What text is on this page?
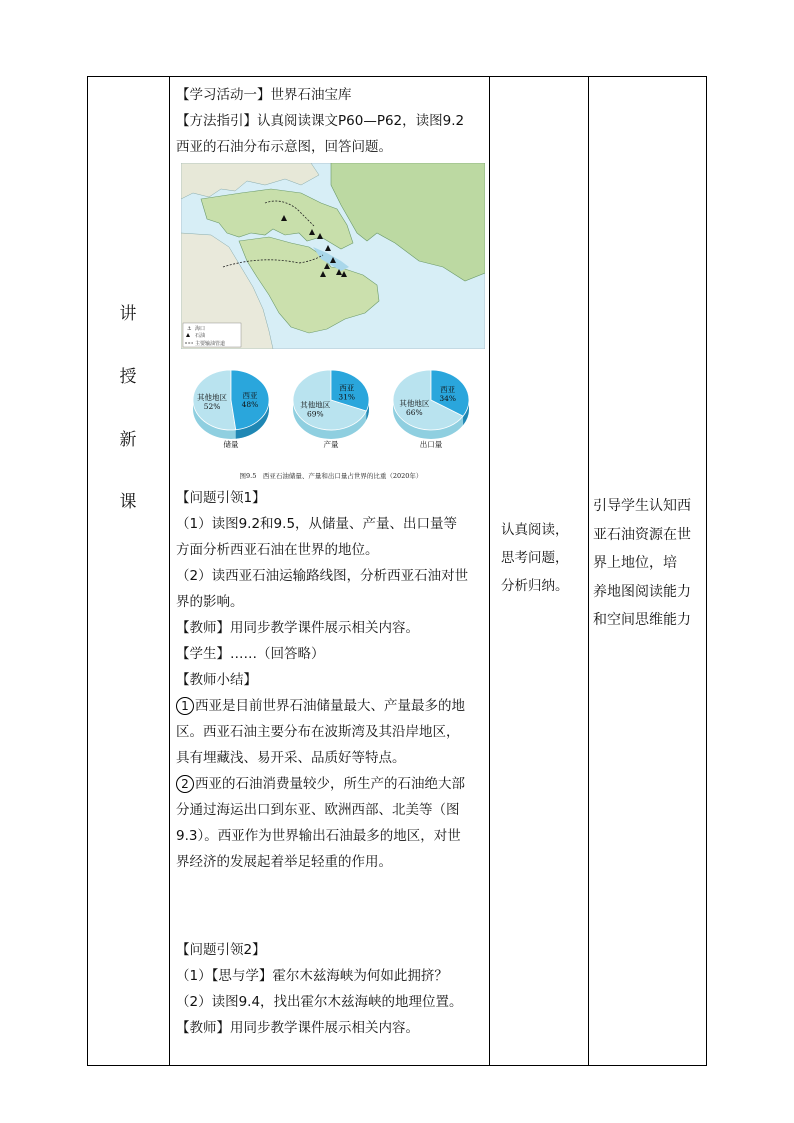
讲
授
新
课

【学习活动一】世界石油宝库

【方法指引】认真阅读课文P60—P62，读图9.2

西亚的石油分布示意图，回答问题。

⚓ 海口
石油
主要输油管道
西亚
48%
其他地区
52%
储量
西亚
31%
其他地区
69%
产量
西亚
34%
其他地区
66%
出口量
图9.5　西亚石油储量、产量和出口量占世界的比重（2020年）

【问题引领1】

（1）读图9.2和9.5，从储量、产量、出口量等

方面分析西亚石油在世界的地位。

（2）读西亚石油运输路线图，分析西亚石油对世

界的影响。

【教师】用同步教学课件展示相关内容。

【学生】……（回答略）

【教师小结】

1 西亚是目前世界石油储量最大、产量最多的地

区。西亚石油主要分布在波斯湾及其沿岸地区，

具有埋藏浅、易开采、品质好等特点。

2 西亚的石油消费量较少，所生产的石油绝大部

分通过海运出口到东亚、欧洲西部、北美等（图

9.3）。西亚作为世界输出石油最多的地区，对世

界经济的发展起着举足轻重的作用。

【问题引领2】

（1）【思与学】霍尔木兹海峡为何如此拥挤？

（2）读图9.4，找出霍尔木兹海峡的地理位置。

【教师】用同步教学课件展示相关内容。

认真阅读，
思考问题，
分析归纳。
引导学生认知西
亚石油资源在世
界上地位，培
养地图阅读能力
和空间思维能力
